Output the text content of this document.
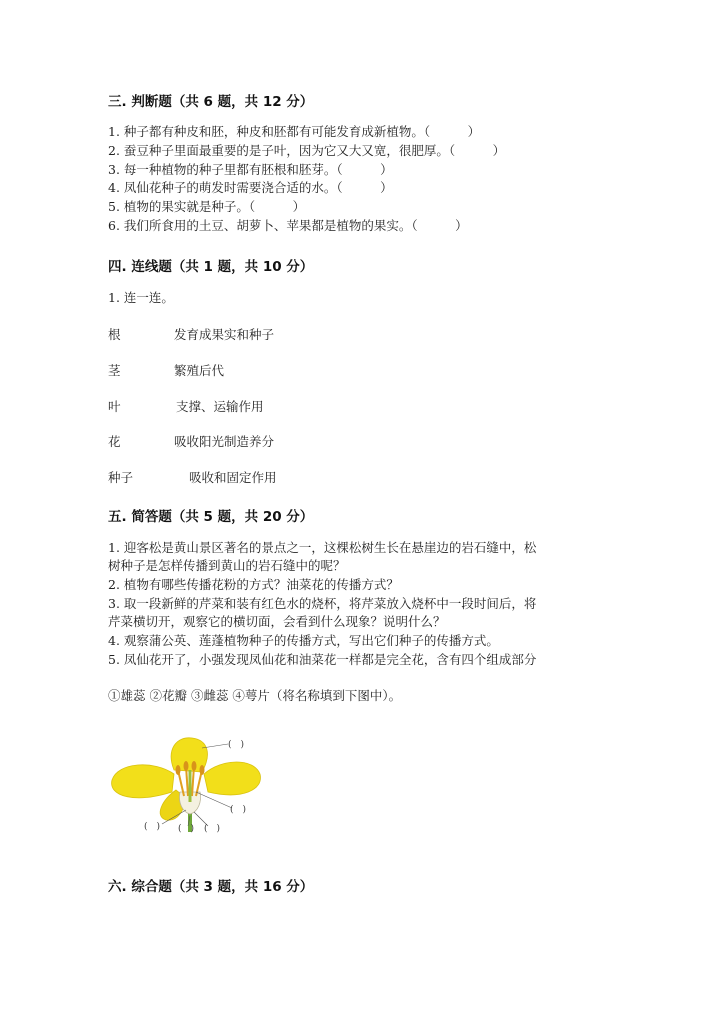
三. 判断题（共 6 题，共 12 分）
1. 种子都有种皮和胚，种皮和胚都有可能发育成新植物。（　　　）
2. 蚕豆种子里面最重要的是子叶，因为它又大又宽，很肥厚。（　　　）
3. 每一种植物的种子里都有胚根和胚芽。（　　　）
4. 凤仙花种子的萌发时需要浇合适的水。（　　　）
5. 植物的果实就是种子。（　　　）
6. 我们所食用的土豆、胡萝卜、苹果都是植物的果实。（　　　）
四. 连线题（共 1 题，共 10 分）
1. 连一连。
根	发育成果实和种子
茎	繁殖后代
叶	支撑、运输作用
花	吸收阳光制造养分
种子	吸收和固定作用
五. 简答题（共 5 题，共 20 分）
1. 迎客松是黄山景区著名的景点之一，这棵松树生长在悬崖边的岩石缝中，松
树种子是怎样传播到黄山的岩石缝中的呢？
2. 植物有哪些传播花粉的方式？油菜花的传播方式？
3. 取一段新鲜的芹菜和装有红色水的烧杯，将芹菜放入烧杯中一段时间后，将
芹菜横切开，观察它的横切面，会看到什么现象？说明什么？
4. 观察蒲公英、莲蓬植物种子的传播方式，写出它们种子的传播方式。
5. 凤仙花开了，小强发现凤仙花和油菜花一样都是完全花，含有四个组成部分
①雄蕊 ②花瓣 ③雌蕊 ④萼片（将名称填到下图中）。
(　)
(　)
(　) (　) (　)
六. 综合题（共 3 题，共 16 分）
